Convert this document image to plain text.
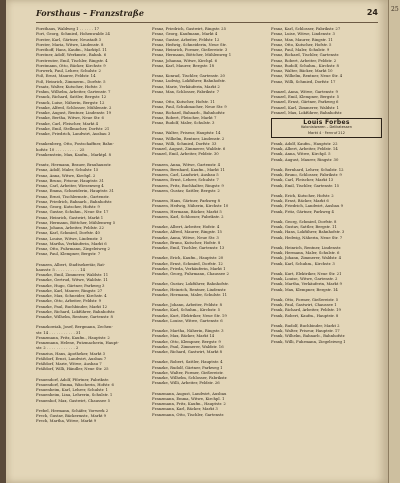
Forsthaus – Franzstraße	24
Forsthaus, Waldweg 1 . . . . . . 17
Fort, Georg, Schmied, Hohenwalde 24
Forster, Karl, Gärtner, Neustadt 3
Forster, Maria, Witwe, Lindenstr. 8
Forsthoff, Hans, Kaufm., Marktpl. 11
Forstner, Adolf, Werkmstr., Bahnh. 6
Forstreuter, Emil, Tischler, Ringstr. 4
Forstmann, Otto, Bäcker, Kirchstr. 9
Forwerk, Paul, Lehrer, Schulstr. 2
Foß, Ernst, Maurer, Feldstr. 14
Foß, Heinrich, Zimmerm., Dorfstr. 5
Fraatz, Walter, Kutscher, Hofstr. 3
Frahm, Wilhelm, Arbeiter, Gartenstr. 7
Franck, Richard, Sattler, Bergstr. 12
Franck, Luise, Näherin, Bergstr. 12
Franke, Alfred, Schlosser, Mühlenstr. 2
Franke, August, Rentner, Lindenstr. 19
Franke, Bertha, Witwe, Neue Str. 6
Franke, Carl, Fleischer, Markt 4
Franke, Emil, Stellmacher, Dorfstr. 21
Franke, Friedrich, Landwirt, Ausbau 3
Frankenberg, Otto, Postschaffner, Bahn-
hofstr. 10 . . . . . . . . . . 25
Frankenstein, Max, Kaufm., Marktpl. 8
Frantz, Hermann, Brauer, Brauhausstr.
Franz, Adolf, Maler, Schulstr. 15
Franz, Anna, Witwe, Kirchpl. 2
Franz, Bruno, Friseur, Hauptstr. 31
Franz, Carl, Arbeiter, Wiesenweg 4
Franz, Emma, Schneiderin, Hauptstr. 31
Franz, Ernst, Tischlermstr., Gartenstr.
Franz, Friedrich, Bahnarb., Bahnhofstr.
Franz, Georg, Kutscher, Hofstr. 9
Franz, Gustav, Schuhm., Neue Str. 17
Franz, Heinrich, Gastwirt, Markt 1
Franz, Hermann, Böttcher, Mühlenweg 5
Franz, Johann, Arbeiter, Feldstr. 22
Franz, Karl, Schmied, Dorfstr. 40
Franz, Louise, Witwe, Lindenstr. 3
Franz, Martha, Verkäuferin, Markt 6
Franz, Otto, Fuhrmann, Ziegeleiweg 2
Franz, Paul, Klempner, Bergstr. 7
Franzen, Albert, Stadtsekretär, Rat-
hausstr. 5 . . . . . . . . . . 14
Franzke, Emil, Zimmerer, Waldstr. 11
Franzke, Gertrud, Witwe, Waldstr. 11
Franzke, Hugo, Gärtner, Parkweg 3
Franzke, Karl, Maurer, Ringstr. 27
Franzke, Max, Schneider, Kirchstr. 4
Franzke, Otto, Arbeiter, Feldstr. 9
Franzke, Paul, Buchbinder, Markt 12
Franzke, Richard, Lokführer, Bahnhofstr.
Franzke, Wilhelm, Rentner, Gartenstr. 8
Franzkowiak, Josef, Bergmann, Zechen-
str. 14 . . . . . . . . . . . 31
Franzmann, Fritz, Kaufm., Hauptstr. 2
Franzmann, Helene, Putzmacherin, Haupt-
str. 2 . . . . . . . . . . . . 2
Franzius, Hans, Apotheker, Markt 3
Fräßdorf, Ernst, Landwirt, Ausbau 7
Fräßdorf, Marie, Witwe, Ausbau 7
Fräßdorf, Willi, Händler, Neue Str. 25
Frauendorf, Adolf, Pförtner, Fabrikstr.
Frauendorf, Emma, Wäscherin, Hofstr. 6
Frauenheim, Karl, Lehrer, Schulstr. 1
Frauenheim, Lina, Lehrerin, Schulstr. 1
Frauenhof, Max, Gastwirt, Chaussee 5
Frebel, Hermann, Schäfer, Vorwerk 2
Frech, Gustav, Bäckermstr., Markt 9
Frech, Martha, Witwe, Markt 9
Franz, Friedrich, Gastwirt, Ringstr. 25
Franz, Georg, Kaufmann, Markt 4
Franz, Gustav, Arbeiter, Feldstr. 12
Franz, Hedwig, Schneiderin, Neue Str.
Franz, Heinrich, Former, Gießereistr. 3
Franz, Hermann, Böttcher, Mühlenweg 1
Franz, Johanna, Witwe, Kirchpl. 6
Franz, Karl, Maurer, Bergstr. 18
Franz, Konrad, Tischler, Gartenstr. 20
Franz, Ludwig, Lokführer, Bahnhofstr.
Franz, Marie, Verkäuferin, Markt 2
Franz, Max, Schlosser, Fabrikstr. 7
Franz, Otto, Kutscher, Hofstr. 11
Franz, Paul, Schuhmacher, Neue Str. 9
Franz, Richard, Bahnarb., Bahnhofstr.
Franz, Robert, Fleischer, Markt 7
Franz, Rudolf, Maler, Schulstr. 3
Franz, Walter, Friseur, Hauptstr. 14
Franz, Wilhelm, Rentner, Lindenstr. 2
Franz, Willi, Schmied, Dorfstr. 33
Franzel, August, Zimmerer, Waldstr. 6
Franzel, Emil, Arbeiter, Feldstr. 30
Franzen, Anna, Witwe, Gartenstr. 4
Franzen, Bernhard, Kaufm., Markt 11
Franzen, Carl, Landwirt, Ausbau 5
Franzen, Ernst, Lehrer, Schulstr. 7
Franzen, Fritz, Buchhalter, Ringstr. 9
Franzen, Gustav, Sattler, Bergstr. 2
Franzen, Hans, Gärtner, Parkweg 8
Franzen, Hedwig, Näherin, Kirchstr. 10
Franzen, Hermann, Bäcker, Markt 5
Franzen, Karl, Schlosser, Fabrikstr. 2
Franzke, Albert, Arbeiter, Hofstr. 4
Franzke, Alfred, Maurer, Ringstr. 15
Franzke, Anna, Witwe, Neue Str. 3
Franzke, Bruno, Kutscher, Hofstr. 8
Franzke, Emil, Tischler, Gartenstr. 13
Franzke, Erich, Kaufm., Hauptstr. 20
Franzke, Ernst, Schmied, Dorfstr. 12
Franzke, Frieda, Verkäuferin, Markt 1
Franzke, Georg, Fuhrmann, Chaussee 2
Franzke, Gustav, Lokführer, Bahnhofstr.
Franzke, Heinrich, Rentner, Lindenstr.
Franzke, Hermann, Maler, Schulstr. 11
Franzke, Johann, Arbeiter, Feldstr. 8
Franzke, Karl, Schuhm., Kirchstr. 5
Franzke, Kurt, Elektriker, Neue Str. 19
Franzke, Louise, Witwe, Gartenstr. 6
Franzke, Martha, Näherin, Ringstr. 3
Franzke, Max, Bäcker, Markt 14
Franzke, Otto, Klempner, Bergstr. 9
Franzke, Paul, Zimmerer, Waldstr. 16
Franzke, Richard, Gastwirt, Markt 8
Franzke, Robert, Sattler, Hauptstr. 4
Franzke, Rudolf, Gärtner, Parkweg 1
Franzke, Walter, Former, Gießereistr.
Franzke, Wilhelm, Schlosser, Fabrikstr.
Franzke, Willi, Arbeiter, Feldstr. 26
Franzmann, August, Landwirt, Ausbau
Franzmann, Emma, Witwe, Kirchpl. 1
Franzmann, Fritz, Kaufm., Hauptstr. 2
Franzmann, Karl, Bäcker, Markt 3
Franzmann, Otto, Tischler, Gartenstr.
Franz, Karl, Schlosser, Fabrikstr. 27
Franz, Luise, Witwe, Lindenstr. 3
Franz, Max, Maurer, Ringstr. 11
Franz, Otto, Kutscher, Hofstr. 5
Franz, Paul, Maler, Schulstr. 9
Franz, Richard, Tischler, Gartenstr.
Franz, Robert, Arbeiter, Feldstr. 2
Franz, Rudolf, Schuhm., Kirchstr. 8
Franz, Walter, Bäcker, Markt 10
Franz, Wilhelm, Rentner, Neue Str. 4
Franz, Willi, Schmied, Dorfstr. 17
Franzel, Anna, Witwe, Gartenstr. 9
Franzel, Emil, Klempner, Bergstr. 5
Franzel, Ernst, Gärtner, Parkweg 6
Franzel, Karl, Zimmerer, Waldstr. 1
Franzel, Max, Lokführer, Bahnhofstr.
Louis Forbes
Kolonialwaren – Delikatessen
Markt 4 · Fernruf 212
Frank, Adolf, Kaufm., Hauptstr. 22
Frank, Albert, Arbeiter, Feldstr. 14
Frank, Anna, Witwe, Kirchpl. 5
Frank, August, Maurer, Ringstr. 30
Frank, Bernhard, Lehrer, Schulstr. 12
Frank, Bruno, Schlosser, Fabrikstr. 9
Frank, Carl, Fleischer, Markt 13
Frank, Emil, Tischler, Gartenstr. 15
Frank, Erich, Kutscher, Hofstr. 2
Frank, Ernst, Bäcker, Markt 6
Frank, Friedrich, Landwirt, Ausbau 9
Frank, Fritz, Gärtner, Parkweg 4
Frank, Georg, Schmied, Dorfstr. 8
Frank, Gustav, Sattler, Bergstr. 11
Frank, Hans, Lokführer, Bahnhofstr. 3
Frank, Hedwig, Näherin, Neue Str. 7
Frank, Heinrich, Rentner, Lindenstr.
Frank, Hermann, Maler, Schulstr. 6
Frank, Johann, Zimmerer, Waldstr. 4
Frank, Karl, Schuhm., Kirchstr. 3
Frank, Kurt, Elektriker, Neue Str. 21
Frank, Louise, Witwe, Gartenstr. 2
Frank, Martha, Verkäuferin, Markt 9
Frank, Max, Klempner, Bergstr. 14
Frank, Otto, Former, Gießereistr. 5
Frank, Paul, Gastwirt, Chaussee 1
Frank, Richard, Arbeiter, Feldstr. 19
Frank, Robert, Kaufm., Hauptstr. 8
Frank, Rudolf, Buchbinder, Markt 2
Frank, Walter, Friseur, Hauptstr. 17
Frank, Wilhelm, Bahnarb., Bahnhofstr.
Frank, Willi, Fuhrmann, Ziegeleiweg 1
25
